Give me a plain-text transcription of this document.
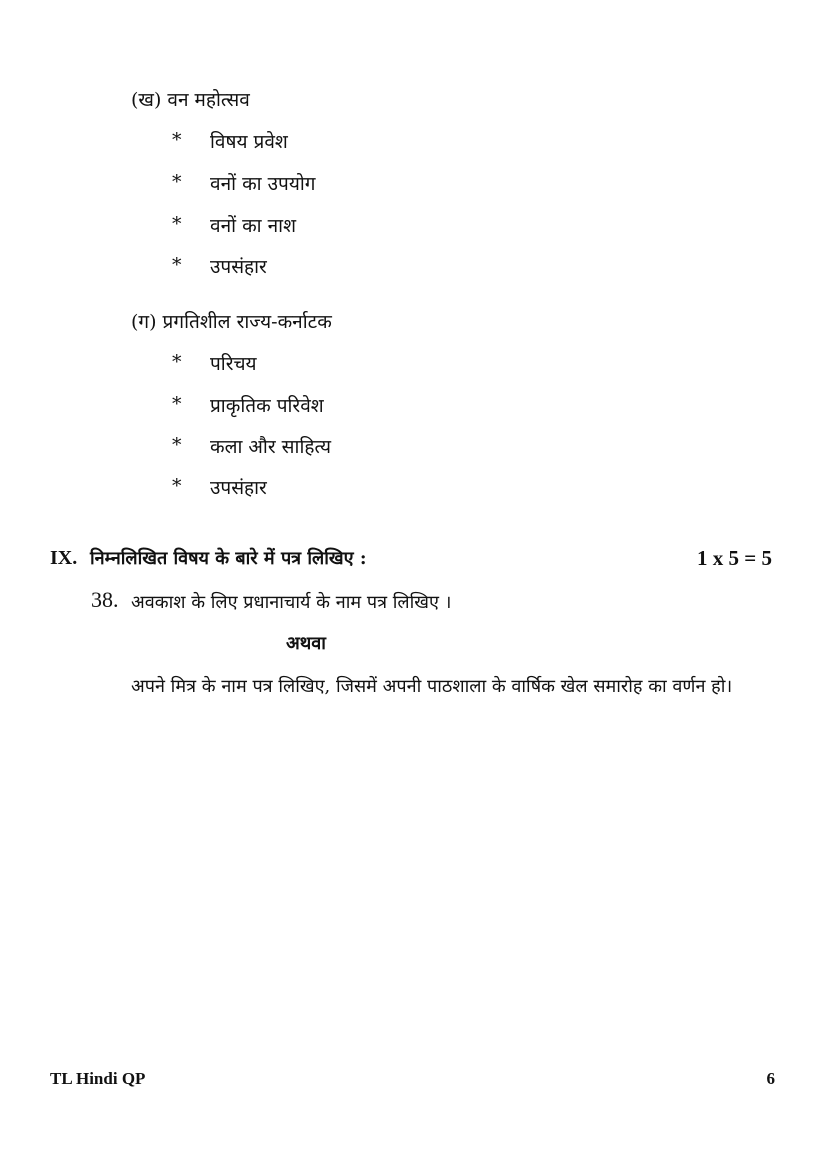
(ख) वन महोत्सव
* विषय प्रवेश
* वनों का उपयोग
* वनों का नाश
* उपसंहार
(ग) प्रगतिशील राज्य-कर्नाटक
* परिचय
* प्राकृतिक परिवेश
* कला और साहित्य
* उपसंहार
IX. निम्नलिखित विषय के बारे में पत्र लिखिए :	1 x 5 = 5
38. अवकाश के लिए प्रधानाचार्य के नाम पत्र लिखिए ।
अथवा
अपने मित्र के नाम पत्र लिखिए, जिसमें अपनी पाठशाला के वार्षिक खेल समारोह का वर्णन हो।
TL Hindi QP	6
